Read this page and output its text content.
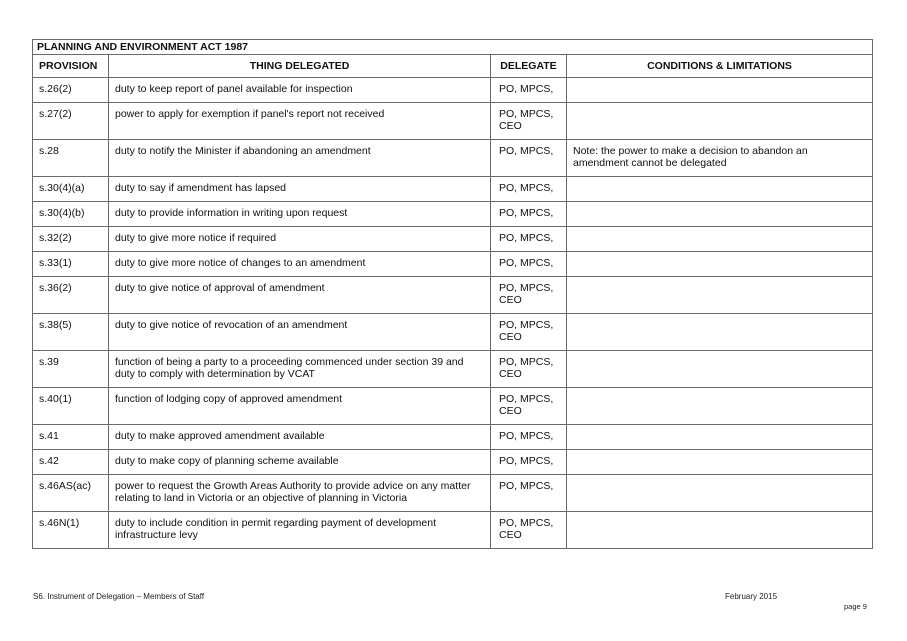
PLANNING AND ENVIRONMENT ACT 1987			
PROVISION	THING DELEGATED	DELEGATE	CONDITIONS & LIMITATIONS
s.26(2)	duty to keep report of panel available for inspection	PO, MPCS,	
s.27(2)	power to apply for exemption if panel's report not received	PO, MPCS, CEO	
s.28	duty to notify the Minister if abandoning an amendment	PO, MPCS,	Note: the power to make a decision to abandon an amendment cannot be delegated
s.30(4)(a)	duty to say if amendment has lapsed	PO, MPCS,	
s.30(4)(b)	duty to provide information in writing upon request	PO, MPCS,	
s.32(2)	duty to give more notice if required	PO, MPCS,	
s.33(1)	duty to give more notice of changes to an amendment	PO, MPCS,	
s.36(2)	duty to give notice of approval of amendment	PO, MPCS, CEO	
s.38(5)	duty to give notice of revocation of an amendment	PO, MPCS, CEO	
s.39	function of being a party to a proceeding commenced under section 39 and duty to comply with determination by VCAT	PO, MPCS, CEO	
s.40(1)	function of lodging copy of approved amendment	PO, MPCS, CEO	
s.41	duty to make approved amendment available	PO, MPCS,	
s.42	duty to make copy of planning scheme available	PO, MPCS,	
s.46AS(ac)	power to request the Growth Areas Authority to provide advice on any matter relating to land in Victoria or an objective of planning in Victoria	PO, MPCS,	
s.46N(1)	duty to include condition in permit regarding payment of development infrastructure levy	PO, MPCS, CEO	
S6. Instrument of Delegation – Members of Staff	February 2015
page 9
